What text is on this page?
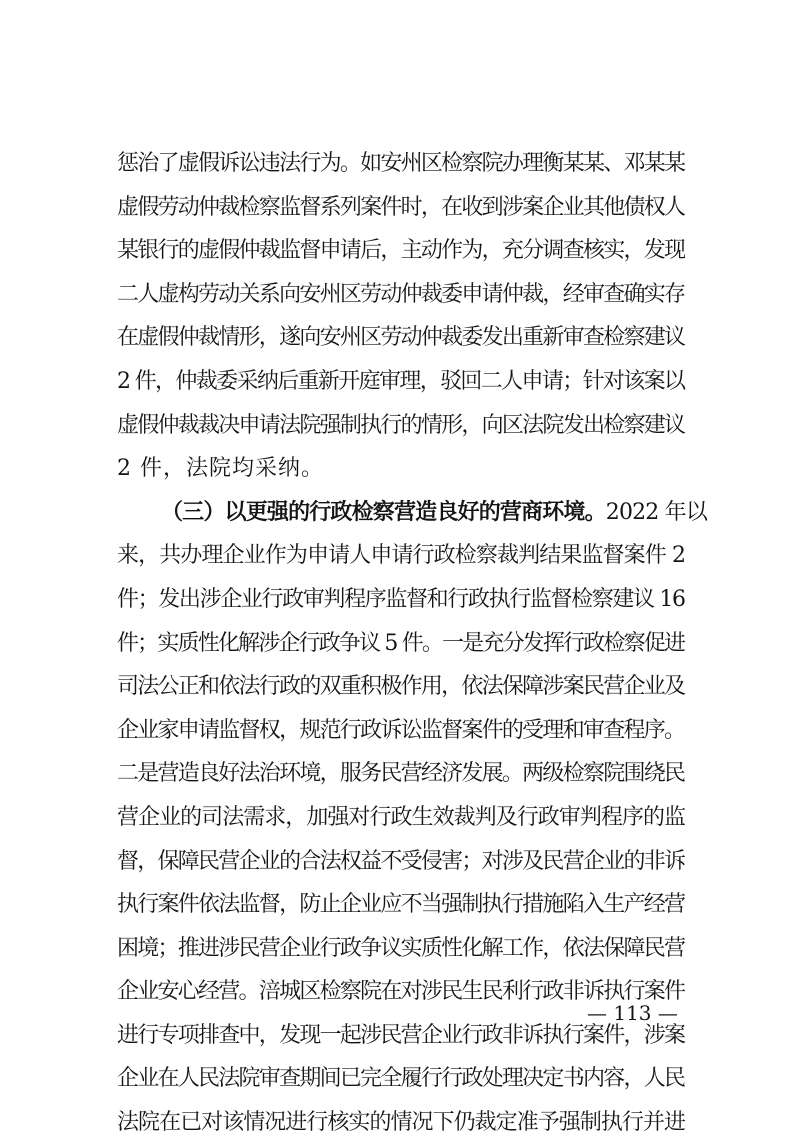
惩治了虚假诉讼违法行为。如安州区检察院办理衡某某、邓某某
虚假劳动仲裁检察监督系列案件时，在收到涉案企业其他债权人
某银行的虚假仲裁监督申请后，主动作为，充分调查核实，发现
二人虚构劳动关系向安州区劳动仲裁委申请仲裁，经审查确实存
在虚假仲裁情形，遂向安州区劳动仲裁委发出重新审查检察建议
2 件，仲裁委采纳后重新开庭审理，驳回二人申请；针对该案以
虚假仲裁裁决申请法院强制执行的情形，向区法院发出检察建议
2 件，法院均采纳。
（三）以更强的行政检察营造良好的营商环境。2022 年以
来，共办理企业作为申请人申请行政检察裁判结果监督案件 2
件；发出涉企业行政审判程序监督和行政执行监督检察建议 16
件；实质性化解涉企行政争议 5 件。一是充分发挥行政检察促进
司法公正和依法行政的双重积极作用，依法保障涉案民营企业及
企业家申请监督权，规范行政诉讼监督案件的受理和审查程序。
二是营造良好法治环境，服务民营经济发展。两级检察院围绕民
营企业的司法需求，加强对行政生效裁判及行政审判程序的监
督，保障民营企业的合法权益不受侵害；对涉及民营企业的非诉
执行案件依法监督，防止企业应不当强制执行措施陷入生产经营
困境；推进涉民营企业行政争议实质性化解工作，依法保障民营
企业安心经营。涪城区检察院在对涉民生民利行政非诉执行案件
进行专项排查中，发现一起涉民营企业行政非诉执行案件，涉案
企业在人民法院审查期间已完全履行行政处理决定书内容，人民
法院在已对该情况进行核实的情况下仍裁定准予强制执行并进
— 113 —
